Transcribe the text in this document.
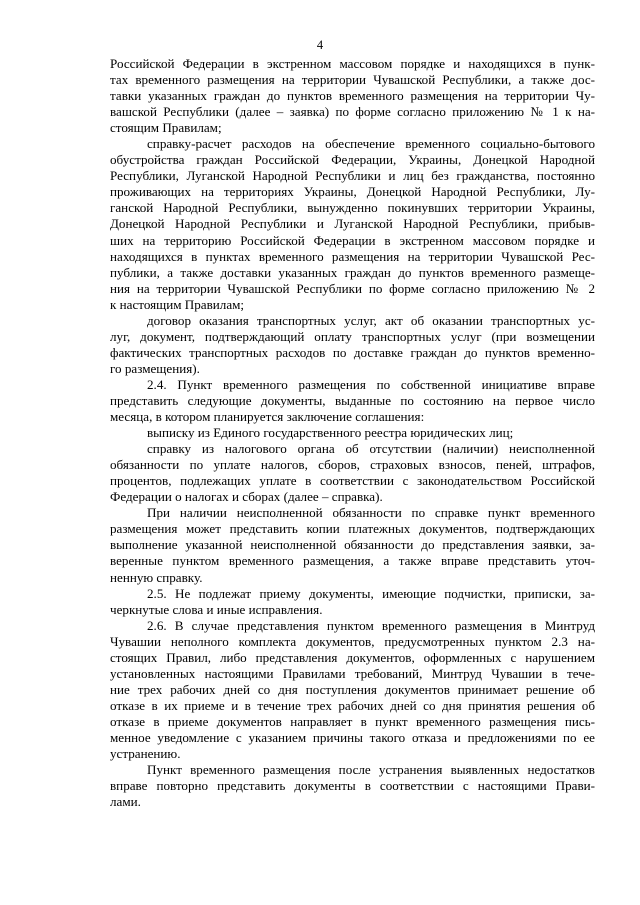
4
Российской Федерации в экстренном массовом порядке и находящихся в пунк-
тах временного размещения на территории Чувашской Республики, а также дос-
тавки указанных граждан до пунктов временного размещения на территории Чу-
вашской Республики (далее – заявка) по форме согласно приложению № 1 к на-
стоящим Правилам;
справку-расчет расходов на обеспечение временного социально-бытового
обустройства граждан Российской Федерации, Украины, Донецкой Народной
Республики, Луганской Народной Республики и лиц без гражданства, постоянно
проживающих на территориях Украины, Донецкой Народной Республики, Лу-
ганской Народной Республики, вынужденно покинувших территории Украины,
Донецкой Народной Республики и Луганской Народной Республики, прибыв-
ших на территорию Российской Федерации в экстренном массовом порядке и
находящихся в пунктах временного размещения на территории Чувашской Рес-
публики, а также доставки указанных граждан до пунктов временного размеще-
ния на территории Чувашской Республики по форме согласно приложению № 2
к настоящим Правилам;
договор оказания транспортных услуг, акт об оказании транспортных ус-
луг, документ, подтверждающий оплату транспортных услуг (при возмещении
фактических транспортных расходов по доставке граждан до пунктов временно-
го размещения).
2.4. Пункт временного размещения по собственной инициативе вправе
представить следующие документы, выданные по состоянию на первое число
месяца, в котором планируется заключение соглашения:
выписку из Единого государственного реестра юридических лиц;
справку из налогового органа об отсутствии (наличии) неисполненной
обязанности по уплате налогов, сборов, страховых взносов, пеней, штрафов,
процентов, подлежащих уплате в соответствии с законодательством Российской
Федерации о налогах и сборах (далее – справка).
При наличии неисполненной обязанности по справке пункт временного
размещения может представить копии платежных документов, подтверждающих
выполнение указанной неисполненной обязанности до представления заявки, за-
веренные пунктом временного размещения, а также вправе представить уточ-
ненную справку.
2.5. Не подлежат приему документы, имеющие подчистки, приписки, за-
черкнутые слова и иные исправления.
2.6. В случае представления пунктом временного размещения в Минтруд
Чувашии неполного комплекта документов, предусмотренных пунктом 2.3 на-
стоящих Правил, либо представления документов, оформленных с нарушением
установленных настоящими Правилами требований, Минтруд Чувашии в тече-
ние трех рабочих дней со дня поступления документов принимает решение об
отказе в их приеме и в течение трех рабочих дней со дня принятия решения об
отказе в приеме документов направляет в пункт временного размещения пись-
менное уведомление с указанием причины такого отказа и предложениями по ее
устранению.
Пункт временного размещения после устранения выявленных недостатков
вправе повторно представить документы в соответствии с настоящими Прави-
лами.
